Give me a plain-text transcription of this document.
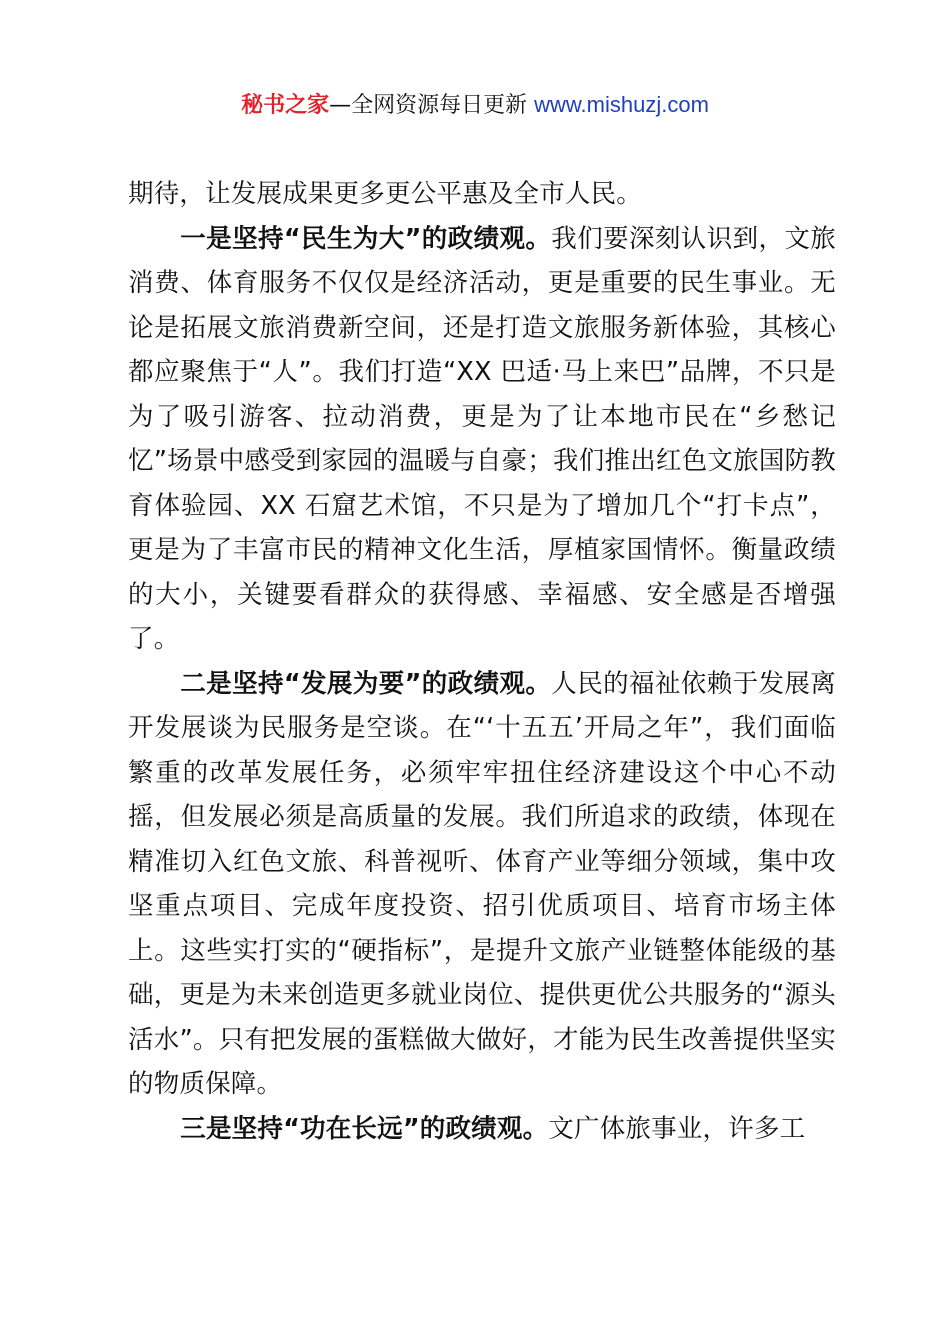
秘书之家—全网资源每日更新 www.mishuzj.com

期待，让发展成果更多更公平惠及全市人民。

一是坚持“民生为大”的政绩观。我们要深刻认识到，文旅消费、体育服务不仅仅是经济活动，更是重要的民生事业。无论是拓展文旅消费新空间，还是打造文旅服务新体验，其核心都应聚焦于“人”。我们打造“XX 巴适·马上来巴”品牌，不只是为了吸引游客、拉动消费，更是为了让本地市民在“乡愁记忆”场景中感受到家园的温暖与自豪；我们推出红色文旅国防教育体验园、XX 石窟艺术馆，不只是为了增加几个“打卡点”，更是为了丰富市民的精神文化生活，厚植家国情怀。衡量政绩的大小，关键要看群众的获得感、幸福感、安全感是否增强了。

二是坚持“发展为要”的政绩观。人民的福祉依赖于发展离开发展谈为民服务是空谈。在“‘十五五’开局之年”，我们面临繁重的改革发展任务，必须牢牢扭住经济建设这个中心不动摇，但发展必须是高质量的发展。我们所追求的政绩，体现在精准切入红色文旅、科普视听、体育产业等细分领域，集中攻坚重点项目、完成年度投资、招引优质项目、培育市场主体上。这些实打实的“硬指标”，是提升文旅产业链整体能级的基础，更是为未来创造更多就业岗位、提供更优公共服务的“源头活水”。只有把发展的蛋糕做大做好，才能为民生改善提供坚实的物质保障。

三是坚持“功在长远”的政绩观。文广体旅事业，许多工
